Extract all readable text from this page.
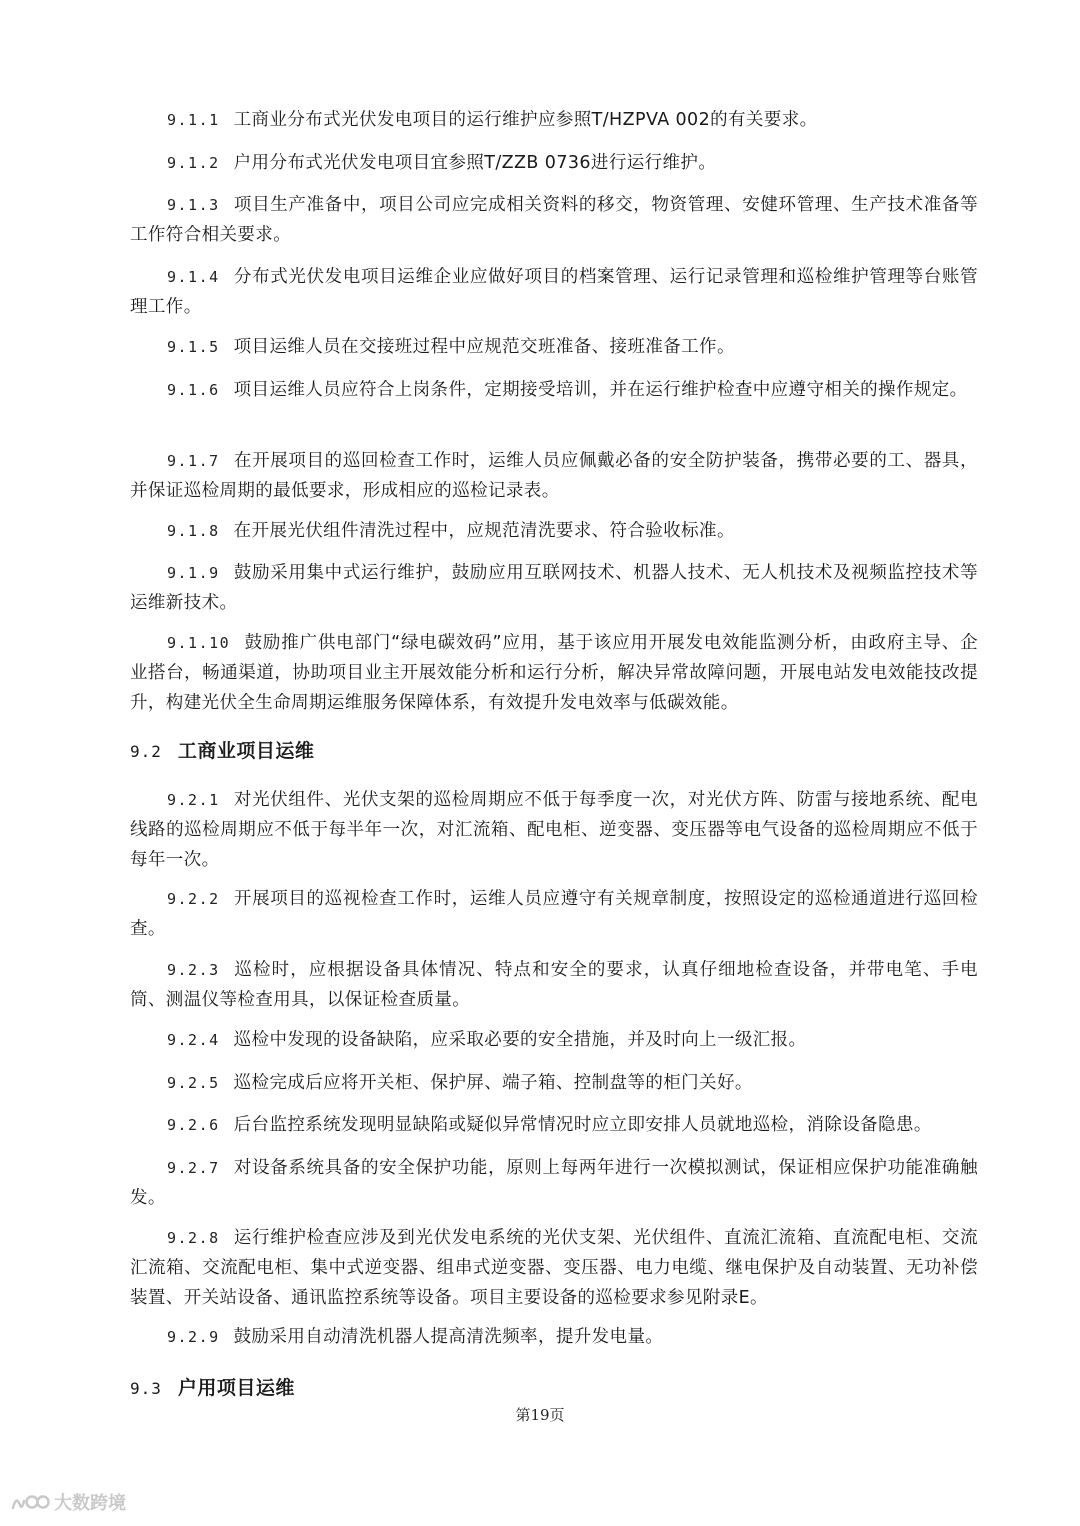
9.1.1 工商业分布式光伏发电项目的运行维护应参照T/HZPVA 002的有关要求。

9.1.2 户用分布式光伏发电项目宜参照T/ZZB 0736进行运行维护。

9.1.3 项目生产准备中，项目公司应完成相关资料的移交，物资管理、安健环管理、生产技术准备等工作符合相关要求。

9.1.4 分布式光伏发电项目运维企业应做好项目的档案管理、运行记录管理和巡检维护管理等台账管理工作。

9.1.5 项目运维人员在交接班过程中应规范交班准备、接班准备工作。

9.1.6 项目运维人员应符合上岗条件，定期接受培训，并在运行维护检查中应遵守相关的操作规定。

9.1.7 在开展项目的巡回检查工作时，运维人员应佩戴必备的安全防护装备，携带必要的工、器具，并保证巡检周期的最低要求，形成相应的巡检记录表。

9.1.8 在开展光伏组件清洗过程中，应规范清洗要求、符合验收标准。

9.1.9 鼓励采用集中式运行维护，鼓励应用互联网技术、机器人技术、无人机技术及视频监控技术等运维新技术。

9.1.10 鼓励推广供电部门“绿电碳效码”应用，基于该应用开展发电效能监测分析，由政府主导、企业搭台，畅通渠道，协助项目业主开展效能分析和运行分析，解决异常故障问题，开展电站发电效能技改提升，构建光伏全生命周期运维服务保障体系，有效提升发电效率与低碳效能。

9.2 工商业项目运维

9.2.1 对光伏组件、光伏支架的巡检周期应不低于每季度一次，对光伏方阵、防雷与接地系统、配电线路的巡检周期应不低于每半年一次，对汇流箱、配电柜、逆变器、变压器等电气设备的巡检周期应不低于每年一次。

9.2.2 开展项目的巡视检查工作时，运维人员应遵守有关规章制度，按照设定的巡检通道进行巡回检查。

9.2.3 巡检时，应根据设备具体情况、特点和安全的要求，认真仔细地检查设备，并带电笔、手电筒、测温仪等检查用具，以保证检查质量。

9.2.4 巡检中发现的设备缺陷，应采取必要的安全措施，并及时向上一级汇报。

9.2.5 巡检完成后应将开关柜、保护屏、端子箱、控制盘等的柜门关好。

9.2.6 后台监控系统发现明显缺陷或疑似异常情况时应立即安排人员就地巡检，消除设备隐患。

9.2.7 对设备系统具备的安全保护功能，原则上每两年进行一次模拟测试，保证相应保护功能准确触发。

9.2.8 运行维护检查应涉及到光伏发电系统的光伏支架、光伏组件、直流汇流箱、直流配电柜、交流汇流箱、交流配电柜、集中式逆变器、组串式逆变器、变压器、电力电缆、继电保护及自动装置、无功补偿装置、开关站设备、通讯监控系统等设备。项目主要设备的巡检要求参见附录E。

9.2.9 鼓励采用自动清洗机器人提高清洗频率，提升发电量。

9.3 户用项目运维
第19页
大数跨境
